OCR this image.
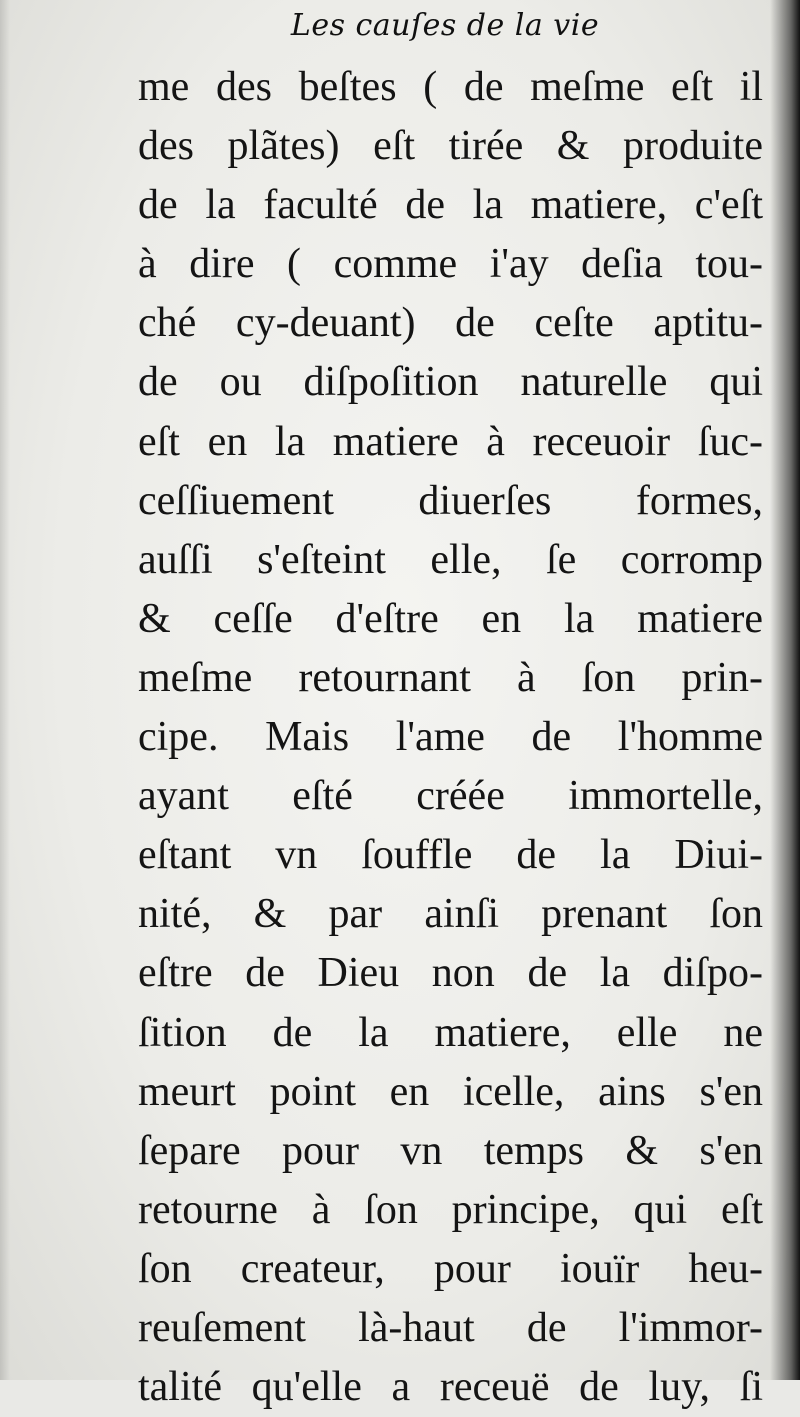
Les cauſes de la vie
me des beſtes ( de meſme eſt il
des plãtes) eſt tirée & produite
de la faculté de la matiere, c'eſt
à dire ( comme i'ay deſia tou-
ché cy-deuant) de ceſte aptitu-
de ou diſpoſition naturelle qui
eſt en la matiere à receuoir ſuc-
ceſſiuement diuerſes formes,
auſſi s'eſteint elle, ſe corromp
& ceſſe d'eſtre en la matiere
meſme retournant à ſon prin-
cipe. Mais l'ame de l'homme
ayant eſté créée immortelle,
eſtant vn ſouffle de la Diui-
nité, & par ainſi prenant ſon
eſtre de Dieu non de la diſpo-
ſition de la matiere, elle ne
meurt point en icelle, ains s'en
ſepare pour vn temps & s'en
retourne à ſon principe, qui eſt
ſon createur, pour iouïr heu-
reuſement là-haut de l'immor-
talité qu'elle a receuë de luy, ſi
